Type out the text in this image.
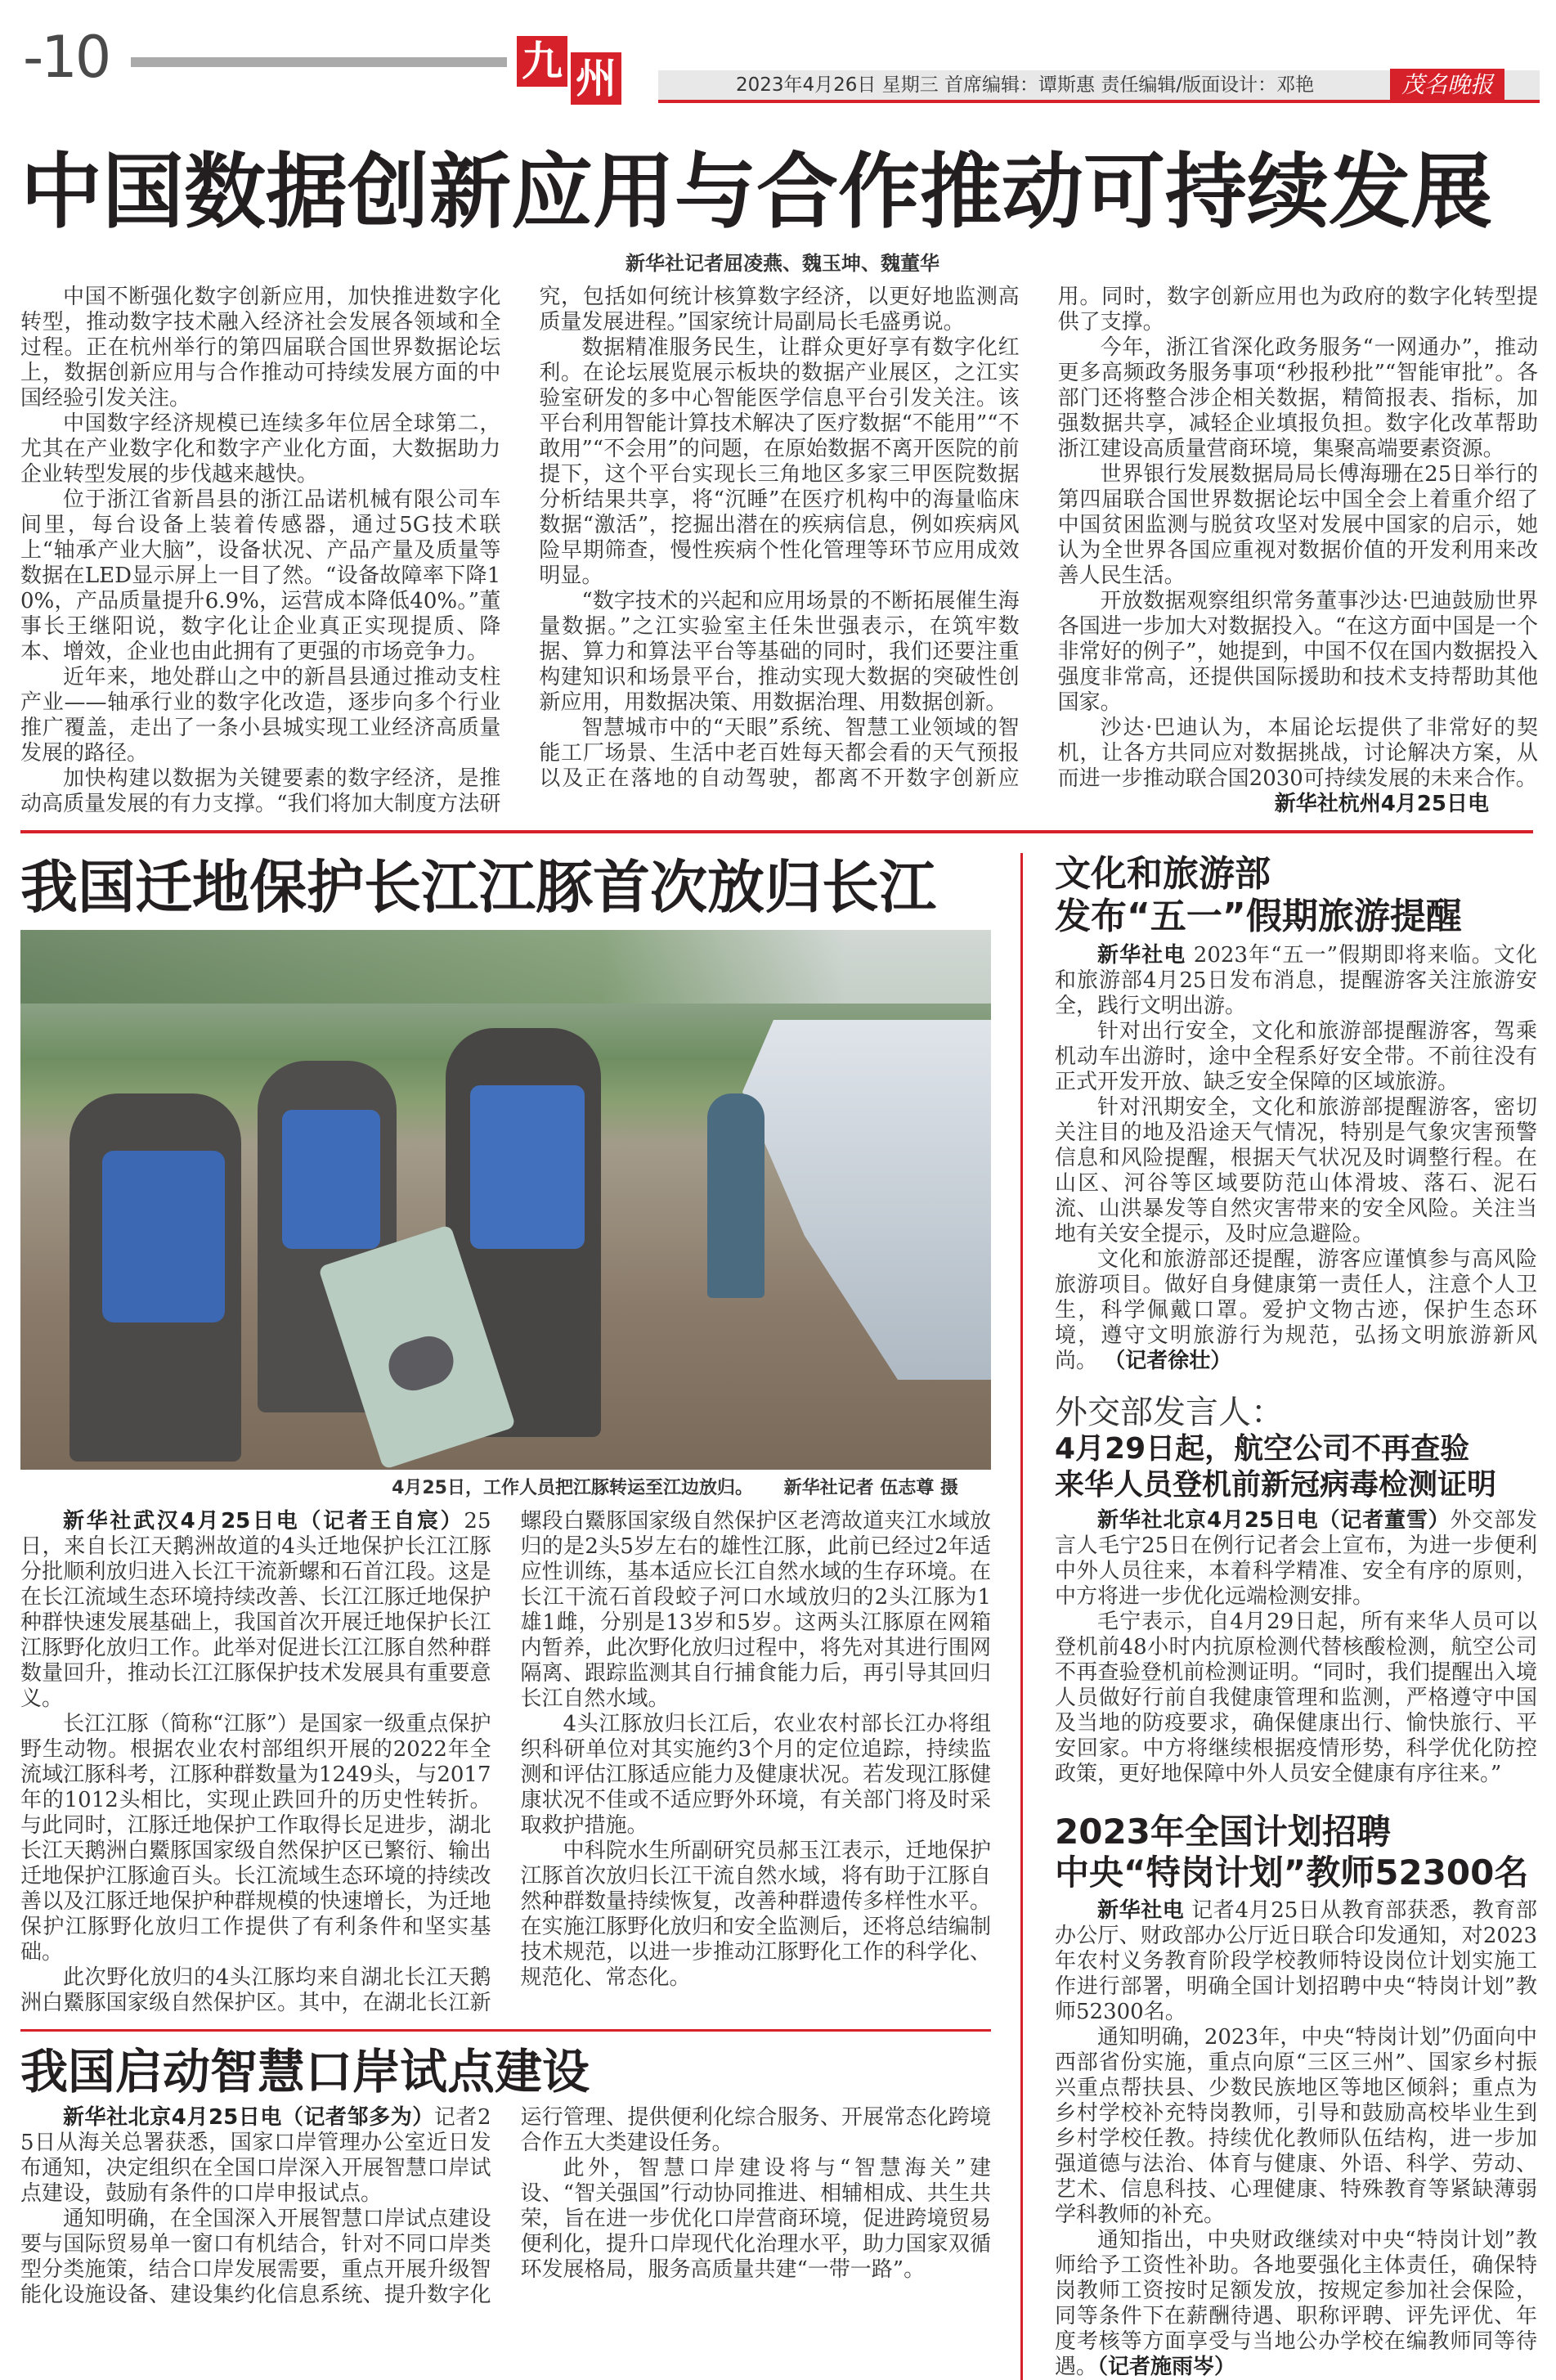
-10	九 州	2023年4月26日 星期三 首席编辑：谭斯惠 责任编辑/版面设计：邓艳	茂名晚报
中国数据创新应用与合作推动可持续发展
新华社记者屈凌燕、魏玉坤、魏董华

中国不断强化数字创新应用，加快推进数字化转型，推动数字技术融入经济社会发展各领域和全过程。正在杭州举行的第四届联合国世界数据论坛上，数据创新应用与合作推动可持续发展方面的中国经验引发关注。

中国数字经济规模已连续多年位居全球第二，尤其在产业数字化和数字产业化方面，大数据助力企业转型发展的步伐越来越快。

位于浙江省新昌县的浙江品诺机械有限公司车间里，每台设备上装着传感器，通过5G技术联上“轴承产业大脑”，设备状况、产品产量及质量等数据在LED显示屏上一目了然。“设备故障率下降10%，产品质量提升6.9%，运营成本降低40%。”董事长王继阳说，数字化让企业真正实现提质、降本、增效，企业也由此拥有了更强的市场竞争力。

近年来，地处群山之中的新昌县通过推动支柱产业——轴承行业的数字化改造，逐步向多个行业推广覆盖，走出了一条小县城实现工业经济高质量发展的路径。

加快构建以数据为关键要素的数字经济，是推动高质量发展的有力支撑。“我们将加大制度方法研究，包括如何统计核算数字经济，以更好地监测高质量发展进程。”国家统计局副局长毛盛勇说。

数据精准服务民生，让群众更好享有数字化红利。在论坛展览展示板块的数据产业展区，之江实验室研发的多中心智能医学信息平台引发关注。该平台利用智能计算技术解决了医疗数据“不能用”“不敢用”“不会用”的问题，在原始数据不离开医院的前提下，这个平台实现长三角地区多家三甲医院数据分析结果共享，将“沉睡”在医疗机构中的海量临床数据“激活”，挖掘出潜在的疾病信息，例如疾病风险早期筛查，慢性疾病个性化管理等环节应用成效明显。

“数字技术的兴起和应用场景的不断拓展催生海量数据。”之江实验室主任朱世强表示，在筑牢数据、算力和算法平台等基础的同时，我们还要注重构建知识和场景平台，推动实现大数据的突破性创新应用，用数据决策、用数据治理、用数据创新。

智慧城市中的“天眼”系统、智慧工业领域的智能工厂场景、生活中老百姓每天都会看的天气预报以及正在落地的自动驾驶，都离不开数字创新应用。同时，数字创新应用也为政府的数字化转型提供了支撑。

今年，浙江省深化政务服务“一网通办”，推动更多高频政务服务事项“秒报秒批”“智能审批”。各部门还将整合涉企相关数据，精简报表、指标，加强数据共享，减轻企业填报负担。数字化改革帮助浙江建设高质量营商环境，集聚高端要素资源。

世界银行发展数据局局长傅海珊在25日举行的第四届联合国世界数据论坛中国全会上着重介绍了中国贫困监测与脱贫攻坚对发展中国家的启示，她认为全世界各国应重视对数据价值的开发利用来改善人民生活。

开放数据观察组织常务董事沙达·巴迪鼓励世界各国进一步加大对数据投入。“在这方面中国是一个非常好的例子”，她提到，中国不仅在国内数据投入强度非常高，还提供国际援助和技术支持帮助其他国家。

沙达·巴迪认为，本届论坛提供了非常好的契机，让各方共同应对数据挑战，讨论解决方案，从而进一步推动联合国2030可持续发展的未来合作。

新华社杭州4月25日电

我国迁地保护长江江豚首次放归长江
4月25日，工作人员把江豚转运至江边放归。 新华社记者 伍志尊 摄

新华社武汉4月25日电（记者王自宸）25日，来自长江天鹅洲故道的4头迁地保护长江江豚分批顺利放归进入长江干流新螺和石首江段。这是在长江流域生态环境持续改善、长江江豚迁地保护种群快速发展基础上，我国首次开展迁地保护长江江豚野化放归工作。此举对促进长江江豚自然种群数量回升，推动长江江豚保护技术发展具有重要意义。

长江江豚（简称“江豚”）是国家一级重点保护野生动物。根据农业农村部组织开展的2022年全流域江豚科考，江豚种群数量为1249头，与2017年的1012头相比，实现止跌回升的历史性转折。与此同时，江豚迁地保护工作取得长足进步，湖北长江天鹅洲白鱀豚国家级自然保护区已繁衍、输出迁地保护江豚逾百头。长江流域生态环境的持续改善以及江豚迁地保护种群规模的快速增长，为迁地保护江豚野化放归工作提供了有利条件和坚实基础。

此次野化放归的4头江豚均来自湖北长江天鹅洲白鱀豚国家级自然保护区。其中，在湖北长江新螺段白鱀豚国家级自然保护区老湾故道夹江水域放归的是2头5岁左右的雄性江豚，此前已经过2年适应性训练，基本适应长江自然水域的生存环境。在长江干流石首段蛟子河口水域放归的2头江豚为1雄1雌，分别是13岁和5岁。这两头江豚原在网箱内暂养，此次野化放归过程中，将先对其进行围网隔离、跟踪监测其自行捕食能力后，再引导其回归长江自然水域。

4头江豚放归长江后，农业农村部长江办将组织科研单位对其实施约3个月的定位追踪，持续监测和评估江豚适应能力及健康状况。若发现江豚健康状况不佳或不适应野外环境，有关部门将及时采取救护措施。

中科院水生所副研究员郝玉江表示，迁地保护江豚首次放归长江干流自然水域，将有助于江豚自然种群数量持续恢复，改善种群遗传多样性水平。在实施江豚野化放归和安全监测后，还将总结编制技术规范，以进一步推动江豚野化工作的科学化、规范化、常态化。

我国启动智慧口岸试点建设

新华社北京4月25日电（记者邹多为）记者25日从海关总署获悉，国家口岸管理办公室近日发布通知，决定组织在全国口岸深入开展智慧口岸试点建设，鼓励有条件的口岸申报试点。

通知明确，在全国深入开展智慧口岸试点建设要与国际贸易单一窗口有机结合，针对不同口岸类型分类施策，结合口岸发展需要，重点开展升级智能化设施设备、建设集约化信息系统、提升数字化运行管理、提供便利化综合服务、开展常态化跨境合作五大类建设任务。

此外，智慧口岸建设将与“智慧海关”建设、“智关强国”行动协同推进、相辅相成、共生共荣，旨在进一步优化口岸营商环境，促进跨境贸易便利化，提升口岸现代化治理水平，助力国家双循环发展格局，服务高质量共建“一带一路”。

文化和旅游部
发布“五一”假期旅游提醒

新华社电 2023年“五一”假期即将来临。文化和旅游部4月25日发布消息，提醒游客关注旅游安全，践行文明出游。

针对出行安全，文化和旅游部提醒游客，驾乘机动车出游时，途中全程系好安全带。不前往没有正式开发开放、缺乏安全保障的区域旅游。

针对汛期安全，文化和旅游部提醒游客，密切关注目的地及沿途天气情况，特别是气象灾害预警信息和风险提醒，根据天气状况及时调整行程。在山区、河谷等区域要防范山体滑坡、落石、泥石流、山洪暴发等自然灾害带来的安全风险。关注当地有关安全提示，及时应急避险。

文化和旅游部还提醒，游客应谨慎参与高风险旅游项目。做好自身健康第一责任人，注意个人卫生，科学佩戴口罩。爱护文物古迹，保护生态环境，遵守文明旅游行为规范，弘扬文明旅游新风尚。 （记者徐壮）

外交部发言人：
4月29日起，航空公司不再查验
来华人员登机前新冠病毒检测证明

新华社北京4月25日电（记者董雪）外交部发言人毛宁25日在例行记者会上宣布，为进一步便利中外人员往来，本着科学精准、安全有序的原则，中方将进一步优化远端检测安排。

毛宁表示，自4月29日起，所有来华人员可以登机前48小时内抗原检测代替核酸检测，航空公司不再查验登机前检测证明。“同时，我们提醒出入境人员做好行前自我健康管理和监测，严格遵守中国及当地的防疫要求，确保健康出行、愉快旅行、平安回家。中方将继续根据疫情形势，科学优化防控政策，更好地保障中外人员安全健康有序往来。”

2023年全国计划招聘
中央“特岗计划”教师52300名

新华社电 记者4月25日从教育部获悉，教育部办公厅、财政部办公厅近日联合印发通知，对2023年农村义务教育阶段学校教师特设岗位计划实施工作进行部署，明确全国计划招聘中央“特岗计划”教师52300名。

通知明确，2023年，中央“特岗计划”仍面向中西部省份实施，重点向原“三区三州”、国家乡村振兴重点帮扶县、少数民族地区等地区倾斜；重点为乡村学校补充特岗教师，引导和鼓励高校毕业生到乡村学校任教。持续优化教师队伍结构，进一步加强道德与法治、体育与健康、外语、科学、劳动、艺术、信息科技、心理健康、特殊教育等紧缺薄弱学科教师的补充。

通知指出，中央财政继续对中央“特岗计划”教师给予工资性补助。各地要强化主体责任，确保特岗教师工资按时足额发放，按规定参加社会保险，同等条件下在薪酬待遇、职称评聘、评先评优、年度考核等方面享受与当地公办学校在编教师同等待遇。（记者施雨岑）
